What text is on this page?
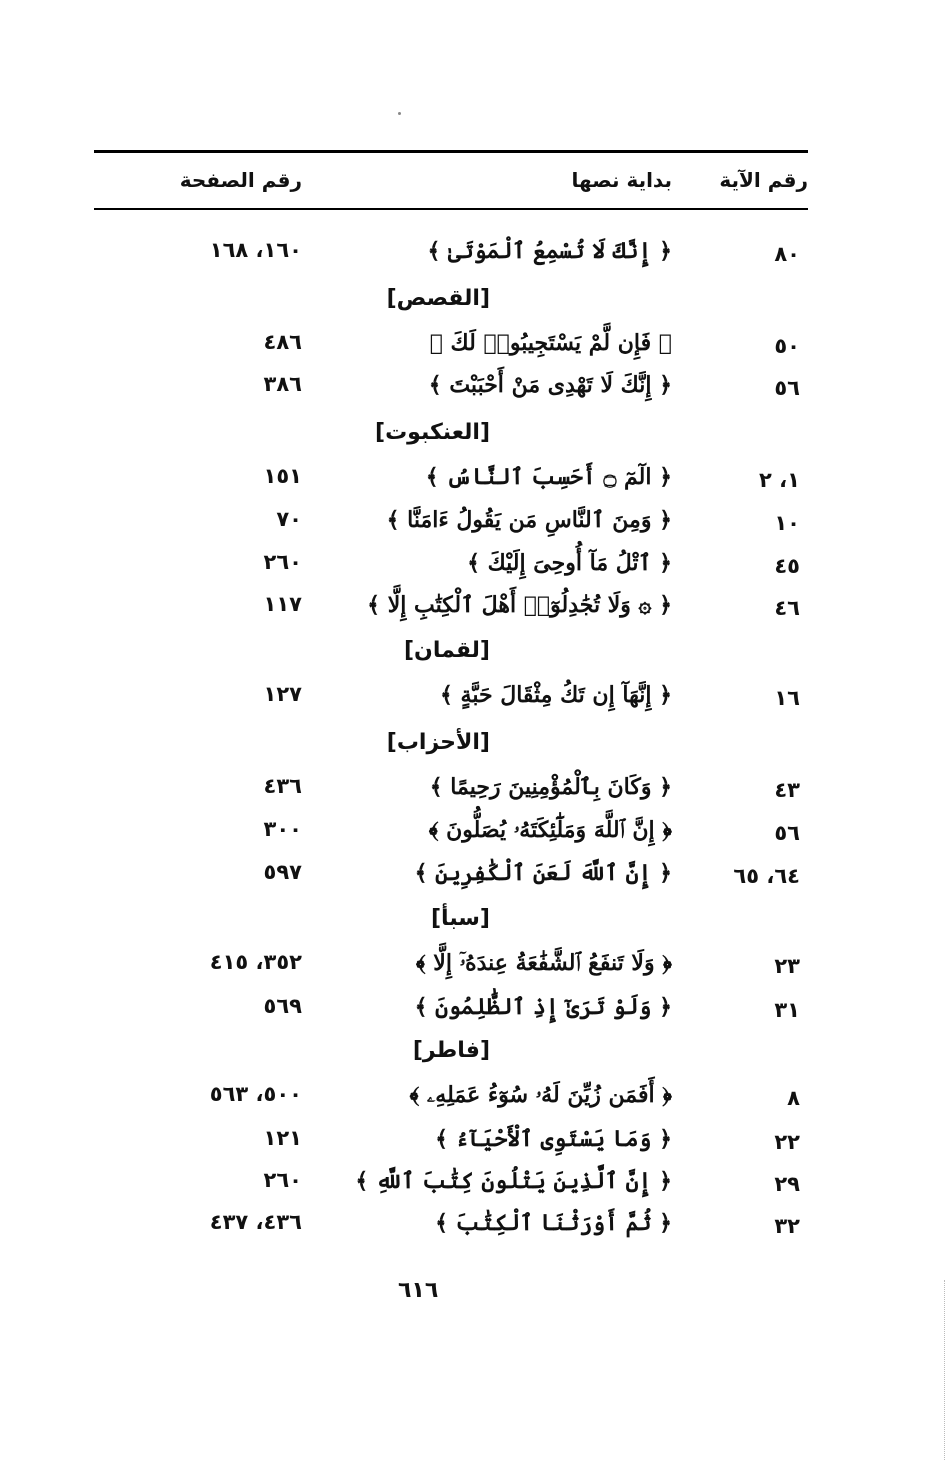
رقم الآية
بداية نصها
رقم الصفحة
٨٠
﴿ إِنَّكَ لَا تُسْمِعُ ٱلْمَوْتَىٰ ﴾
١٦٠، ١٦٨
[القصص]
٥٠
﴿ فَإِن لَّمْ يَسْتَجِيبُوا۟ لَكَ ﴾
٤٨٦
٥٦
﴿ إِنَّكَ لَا تَهْدِى مَنْ أَحْبَبْتَ ﴾
٣٨٦
[العنكبوت]
١، ٢
﴿ الٓمٓ ۝ أَحَسِبَ ٱلنَّاسُ ﴾
١٥١
١٠
﴿ وَمِنَ ٱلنَّاسِ مَن يَقُولُ ءَامَنَّا ﴾
٧٠
٤٥
﴿ ٱتْلُ مَآ أُوحِىَ إِلَيْكَ ﴾
٢٦٠
٤٦
﴿ ۞ وَلَا تُجَٰدِلُوٓا۟ أَهْلَ ٱلْكِتَٰبِ إِلَّا ﴾
١١٧
[لقمان]
١٦
﴿ إِنَّهَآ إِن تَكُ مِثْقَالَ حَبَّةٍ ﴾
١٢٧
[الأحزاب]
٤٣
﴿ وَكَانَ بِٱلْمُؤْمِنِينَ رَحِيمًا ﴾
٤٣٦
٥٦
﴿ إِنَّ ٱللَّهَ وَمَلَٰٓئِكَتَهُۥ يُصَلُّونَ ﴾
٣٠٠
٦٤، ٦٥
﴿ إِنَّ ٱللَّهَ لَعَنَ ٱلْكَٰفِرِينَ ﴾
٥٩٧
[سبأ]
٢٣
﴿ وَلَا تَنفَعُ ٱلشَّفَٰعَةُ عِندَهُۥٓ إِلَّا ﴾
٣٥٢، ٤١٥
٣١
﴿ وَلَوْ تَرَىٰٓ إِذِ ٱلظَّٰلِمُونَ ﴾
٥٦٩
[فاطر]
٨
﴿ أَفَمَن زُيِّنَ لَهُۥ سُوٓءُ عَمَلِهِۦ ﴾
٥٠٠، ٥٦٣
٢٢
﴿ وَمَا يَسْتَوِى ٱلْأَحْيَآءُ ﴾
١٢١
٢٩
﴿ إِنَّ ٱلَّذِينَ يَتْلُونَ كِتَٰبَ ٱللَّهِ ﴾
٢٦٠
٣٢
﴿ ثُمَّ أَوْرَثْنَا ٱلْكِتَٰبَ ﴾
٤٣٦، ٤٣٧
٦١٦
